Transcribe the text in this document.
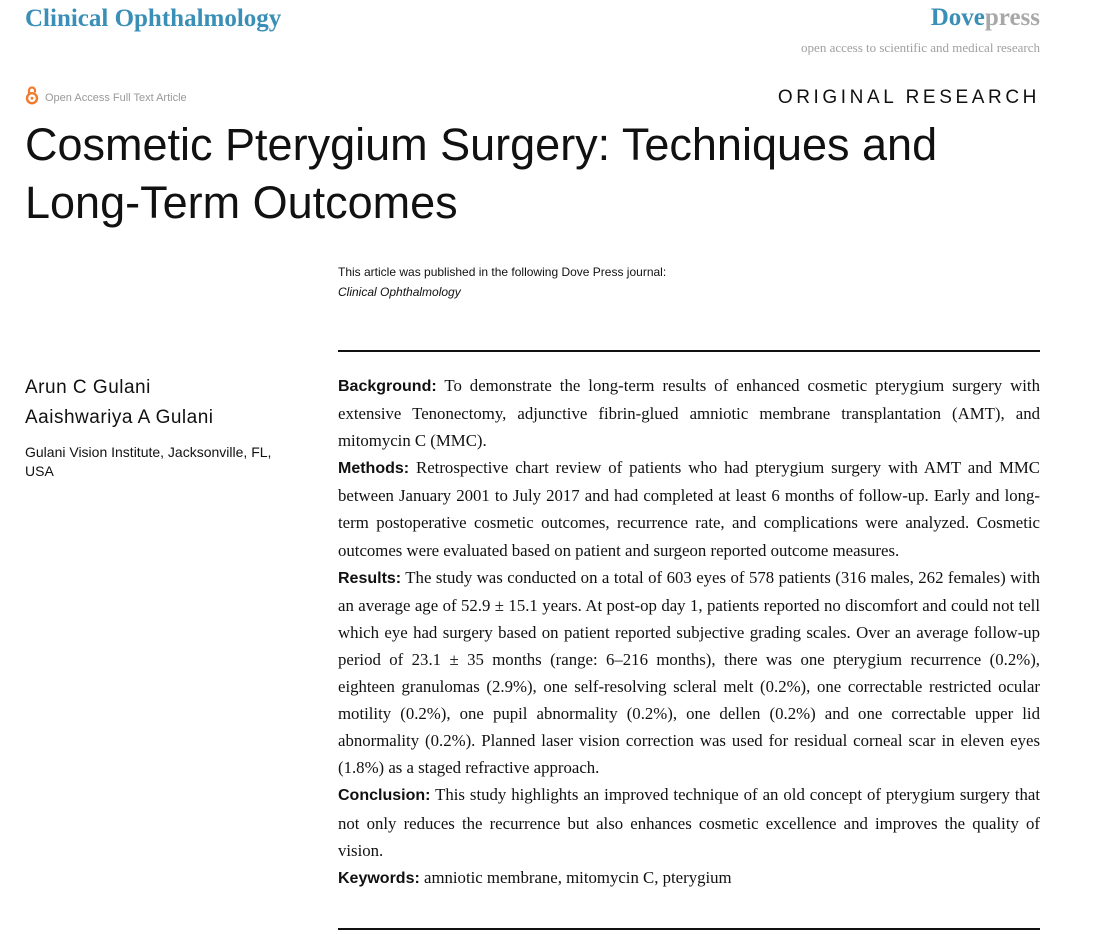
Clinical Ophthalmology	Dovepress
open access to scientific and medical research
Open Access Full Text Article	ORIGINAL RESEARCH
Cosmetic Pterygium Surgery: Techniques and
Long-Term Outcomes
This article was published in the following Dove Press journal:
Clinical Ophthalmology
Arun C Gulani
Aaishwariya A Gulani
Gulani Vision Institute, Jacksonville, FL, USA

Background: To demonstrate the long-term results of enhanced cosmetic pterygium surgery with extensive Tenonectomy, adjunctive fibrin-glued amniotic membrane transplantation (AMT), and mitomycin C (MMC).

Methods: Retrospective chart review of patients who had pterygium surgery with AMT and MMC between January 2001 to July 2017 and had completed at least 6 months of follow-up. Early and long-term postoperative cosmetic outcomes, recurrence rate, and complications were analyzed. Cosmetic outcomes were evaluated based on patient and surgeon reported outcome measures.

Results: The study was conducted on a total of 603 eyes of 578 patients (316 males, 262 females) with an average age of 52.9 ± 15.1 years. At post-op day 1, patients reported no discomfort and could not tell which eye had surgery based on patient reported subjective grading scales. Over an average follow-up period of 23.1 ± 35 months (range: 6–216 months), there was one pterygium recurrence (0.2%), eighteen granulomas (2.9%), one self-resolving scleral melt (0.2%), one correctable restricted ocular motility (0.2%), one pupil abnormality (0.2%), one dellen (0.2%) and one correctable upper lid abnormality (0.2%). Planned laser vision correction was used for residual corneal scar in eleven eyes (1.8%) as a staged refractive approach.

Conclusion: This study highlights an improved technique of an old concept of pterygium surgery that not only reduces the recurrence but also enhances cosmetic excellence and improves the quality of vision.

Keywords: amniotic membrane, mitomycin C, pterygium
